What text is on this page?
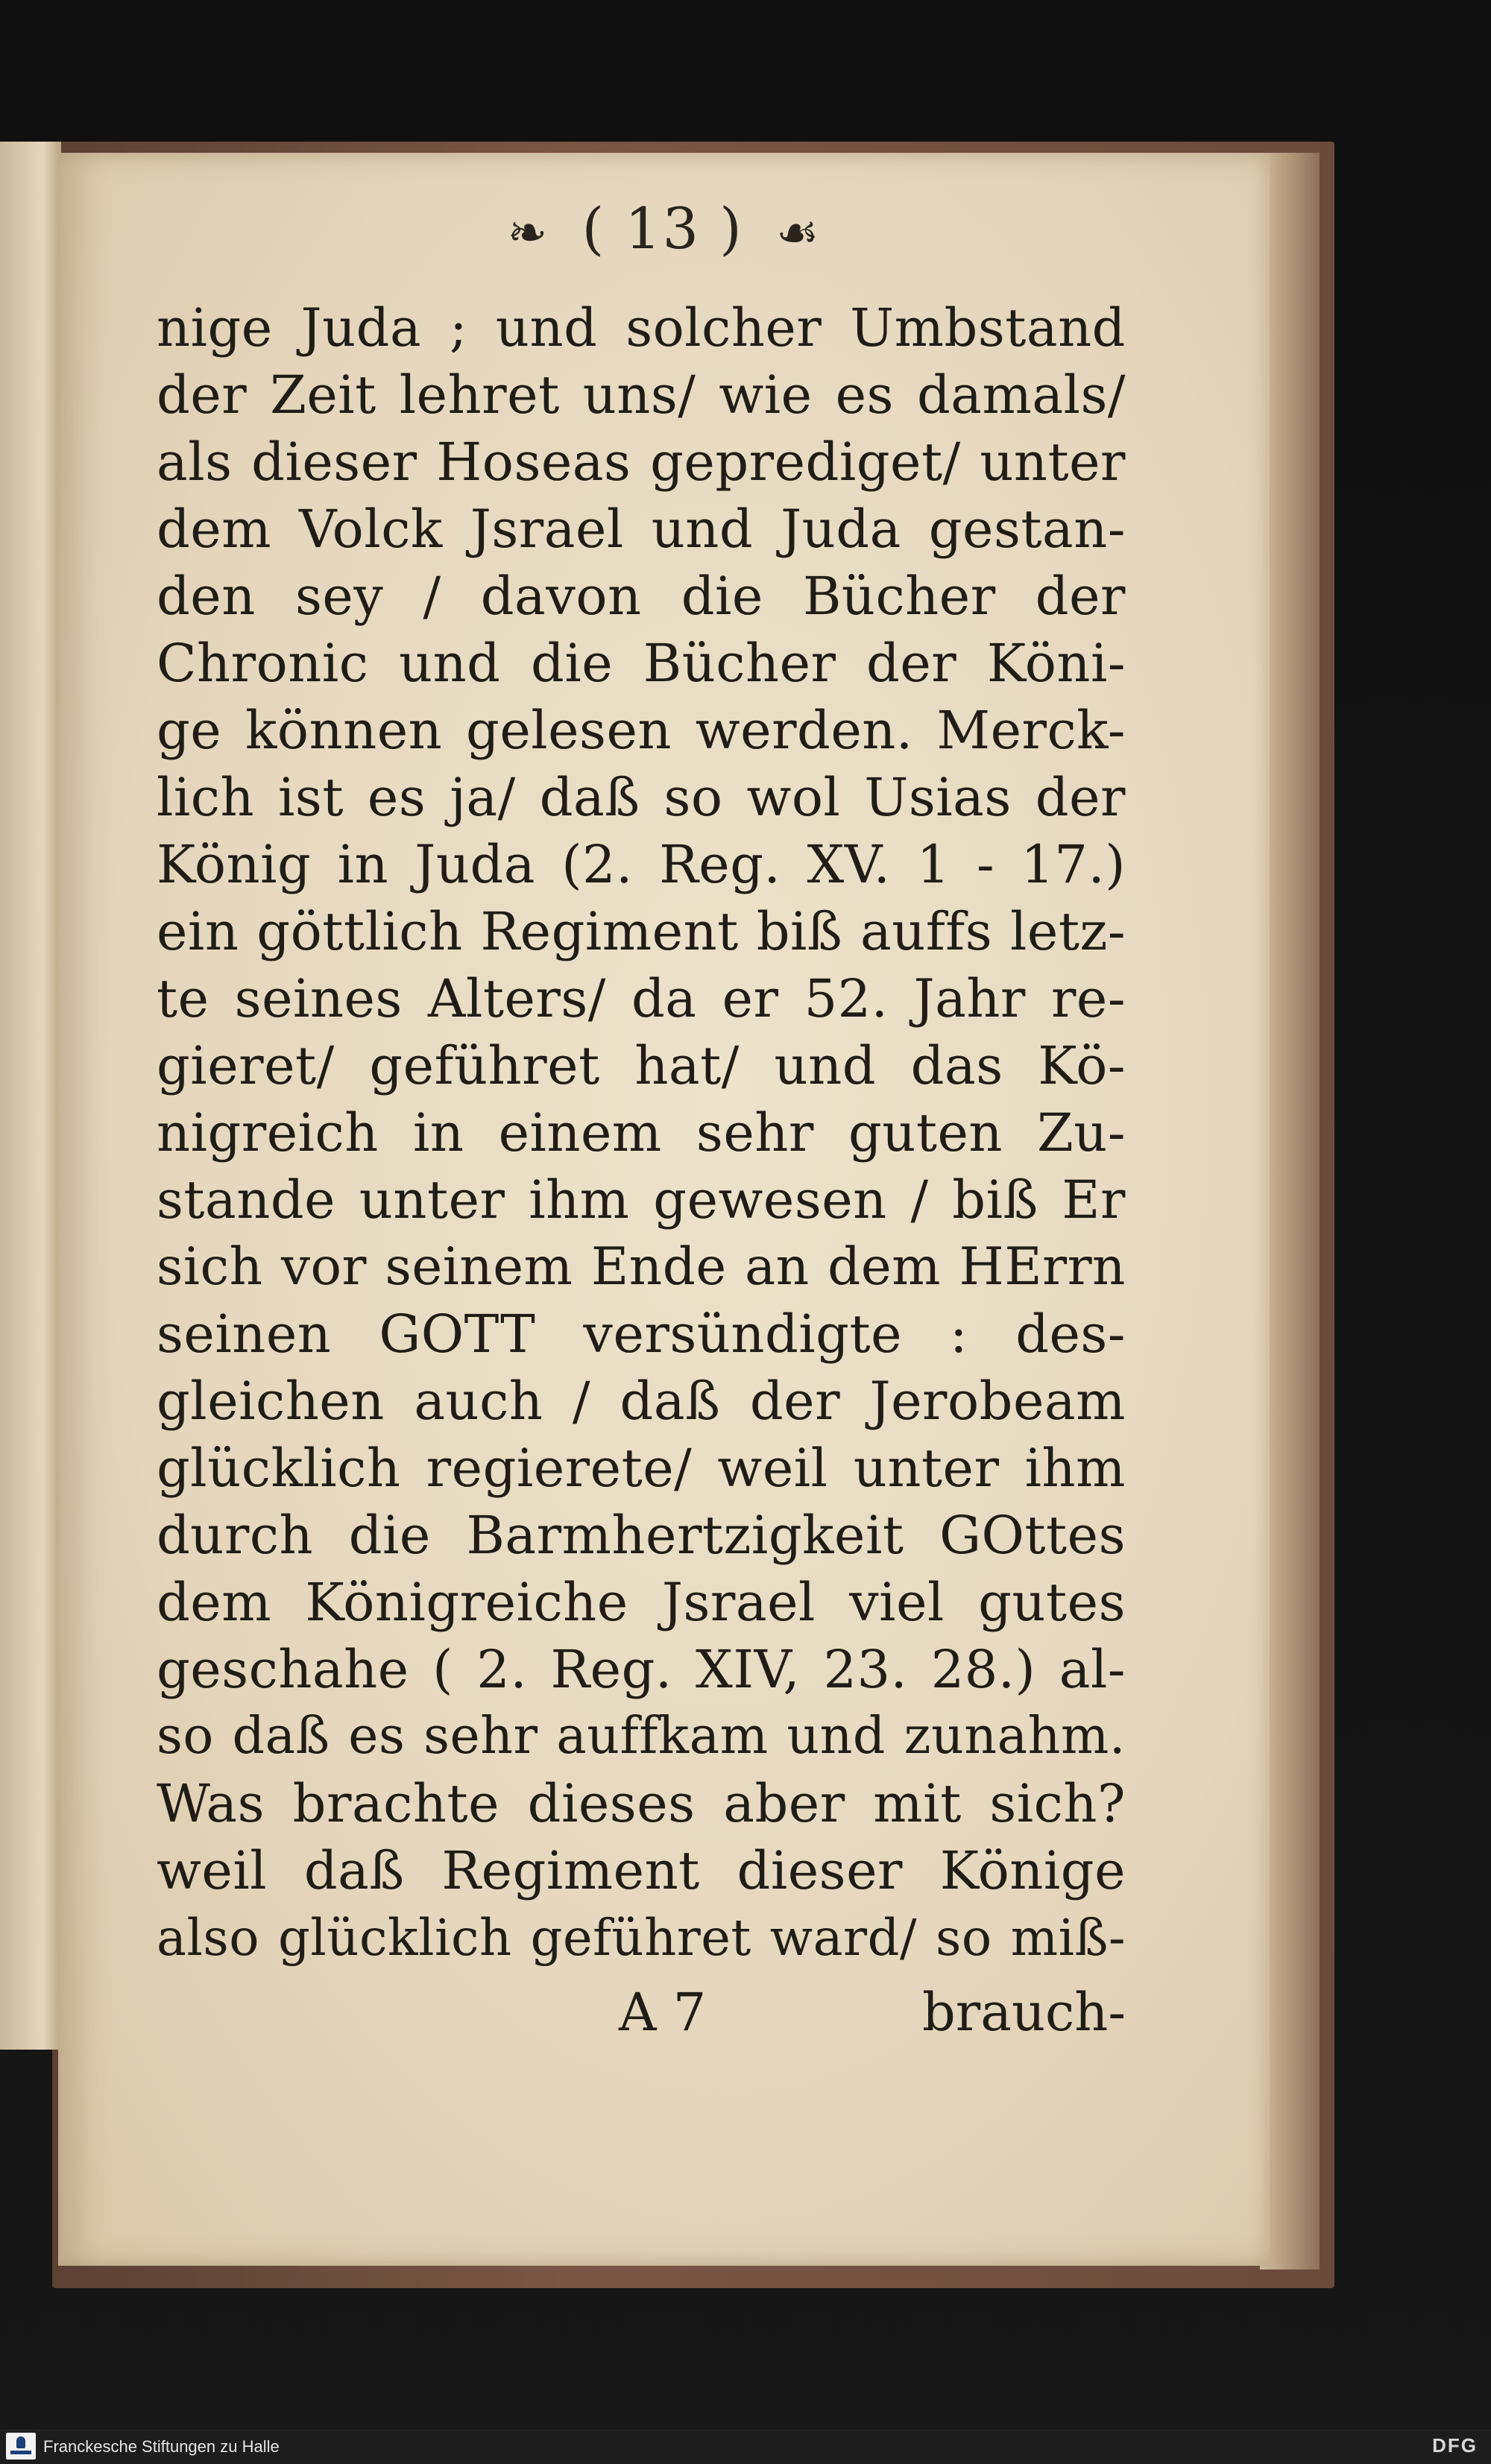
❧ ( 13 ) ☙
nige Juda ; und solcher Umbstand
der Zeit lehret uns/ wie es damals/
als dieser Hoseas geprediget/ unter
dem Volck Jsrael und Juda gestan-
den sey / davon die Bücher der
Chronic und die Bücher der Köni-
ge können gelesen werden. Merck-
lich ist es ja/ daß so wol Usias der
König in Juda (2. Reg. XV. 1 - 17.)
ein göttlich Regiment biß auffs letz-
te seines Alters/ da er 52. Jahr re-
gieret/ geführet hat/ und das Kö-
nigreich in einem sehr guten Zu-
stande unter ihm gewesen / biß Er
sich vor seinem Ende an dem HErrn
seinen GOTT versündigte : des-
gleichen auch / daß der Jerobeam
glücklich regierete/ weil unter ihm
durch die Barmhertzigkeit GOttes
dem Königreiche Jsrael viel gutes
geschahe ( 2. Reg. XIV, 23. 28.) al-
so daß es sehr auffkam und zunahm.
Was brachte dieses aber mit sich?
weil daß Regiment dieser Könige
also glücklich geführet ward/ so miß-
A 7	brauch-
Franckesche Stiftungen zu Halle	DFG
